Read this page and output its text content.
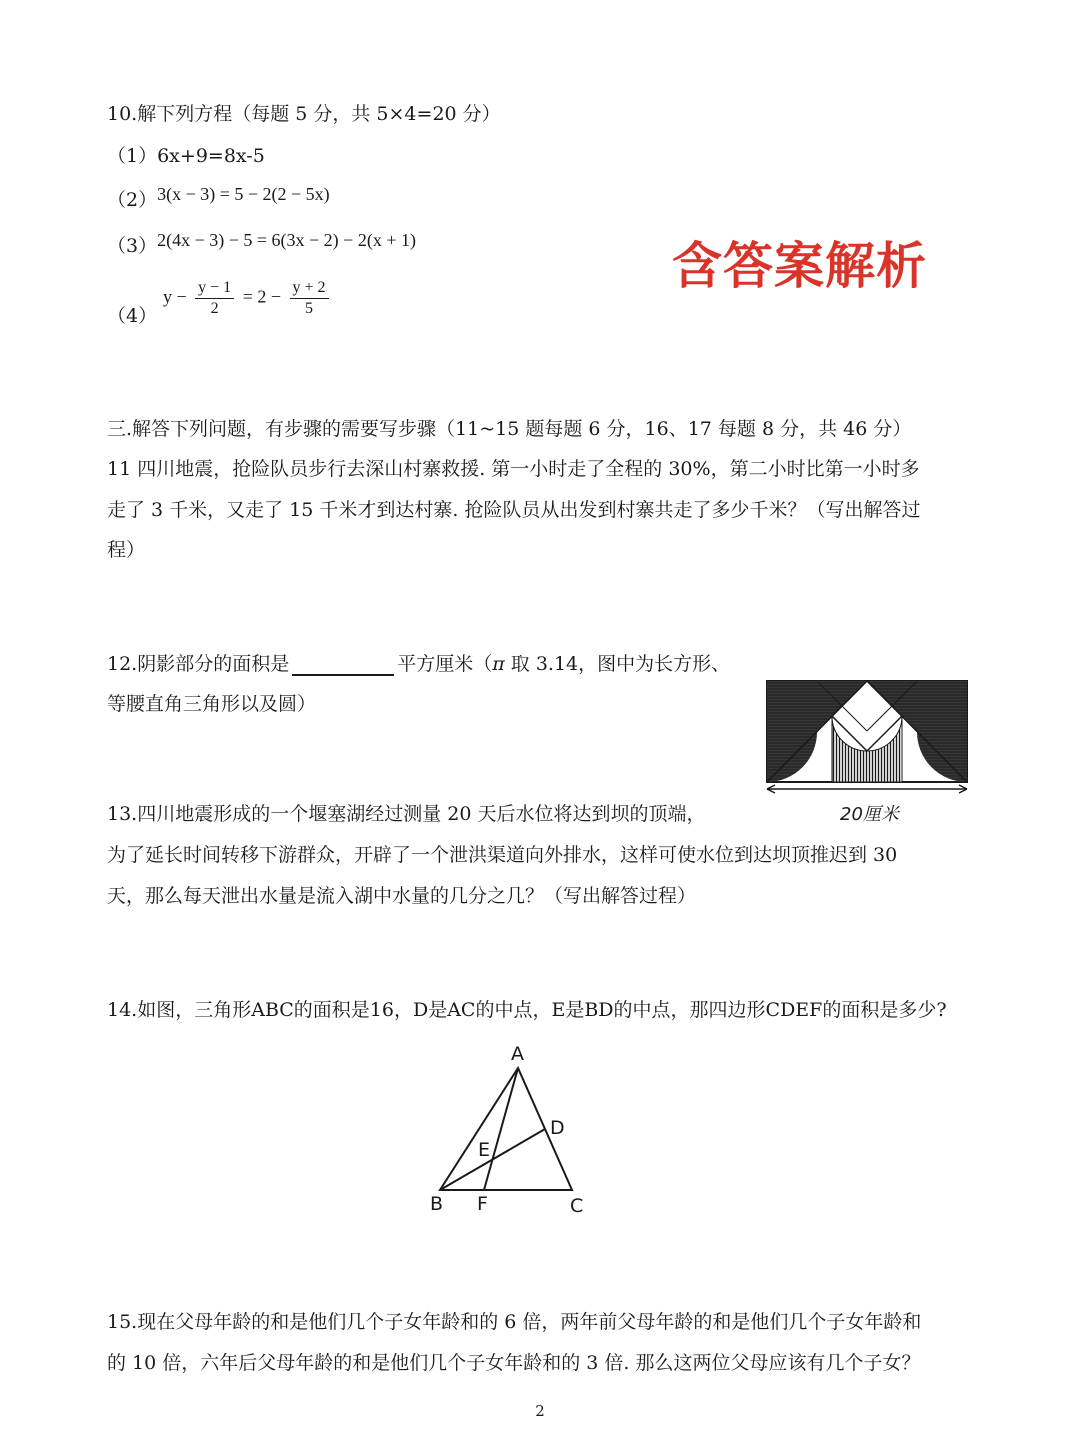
10.解下列方程（每题 5 分，共 5×4=20 分）
（1）6x+9=8x-5
（2）3(x − 3) = 5 − 2(2 − 5x)
（3）2(4x − 3) − 5 = 6(3x − 2) − 2(x + 1)
（4）
$y - \frac{y - 1}{2} = 2 - \frac{y + 2}{5}$
含答案解析
三.解答下列问题，有步骤的需要写步骤（11~15 题每题 6 分，16、17 每题 8 分，共 46 分）
11 四川地震，抢险队员步行去深山村寨救援. 第一小时走了全程的 30%，第二小时比第一小时多
走了 3 千米，又走了 15 千米才到达村寨. 抢险队员从出发到村寨共走了多少千米？（写出解答过
程）
12.阴影部分的面积是	平方厘米（π 取 3.14，图中为长方形、
等腰直角三角形以及圆）
20厘米
13.四川地震形成的一个堰塞湖经过测量 20 天后水位将达到坝的顶端，
为了延长时间转移下游群众，开辟了一个泄洪渠道向外排水，这样可使水位到达坝顶推迟到 30
天，那么每天泄出水量是流入湖中水量的几分之几？（写出解答过程）
14.如图，三角形ABC的面积是16，D是AC的中点，E是BD的中点，那四边形CDEF的面积是多少?
A
B	C
D
E
F
15.现在父母年龄的和是他们几个子女年龄和的 6 倍，两年前父母年龄的和是他们几个子女年龄和
的 10 倍，六年后父母年龄的和是他们几个子女年龄和的 3 倍. 那么这两位父母应该有几个子女？
2
